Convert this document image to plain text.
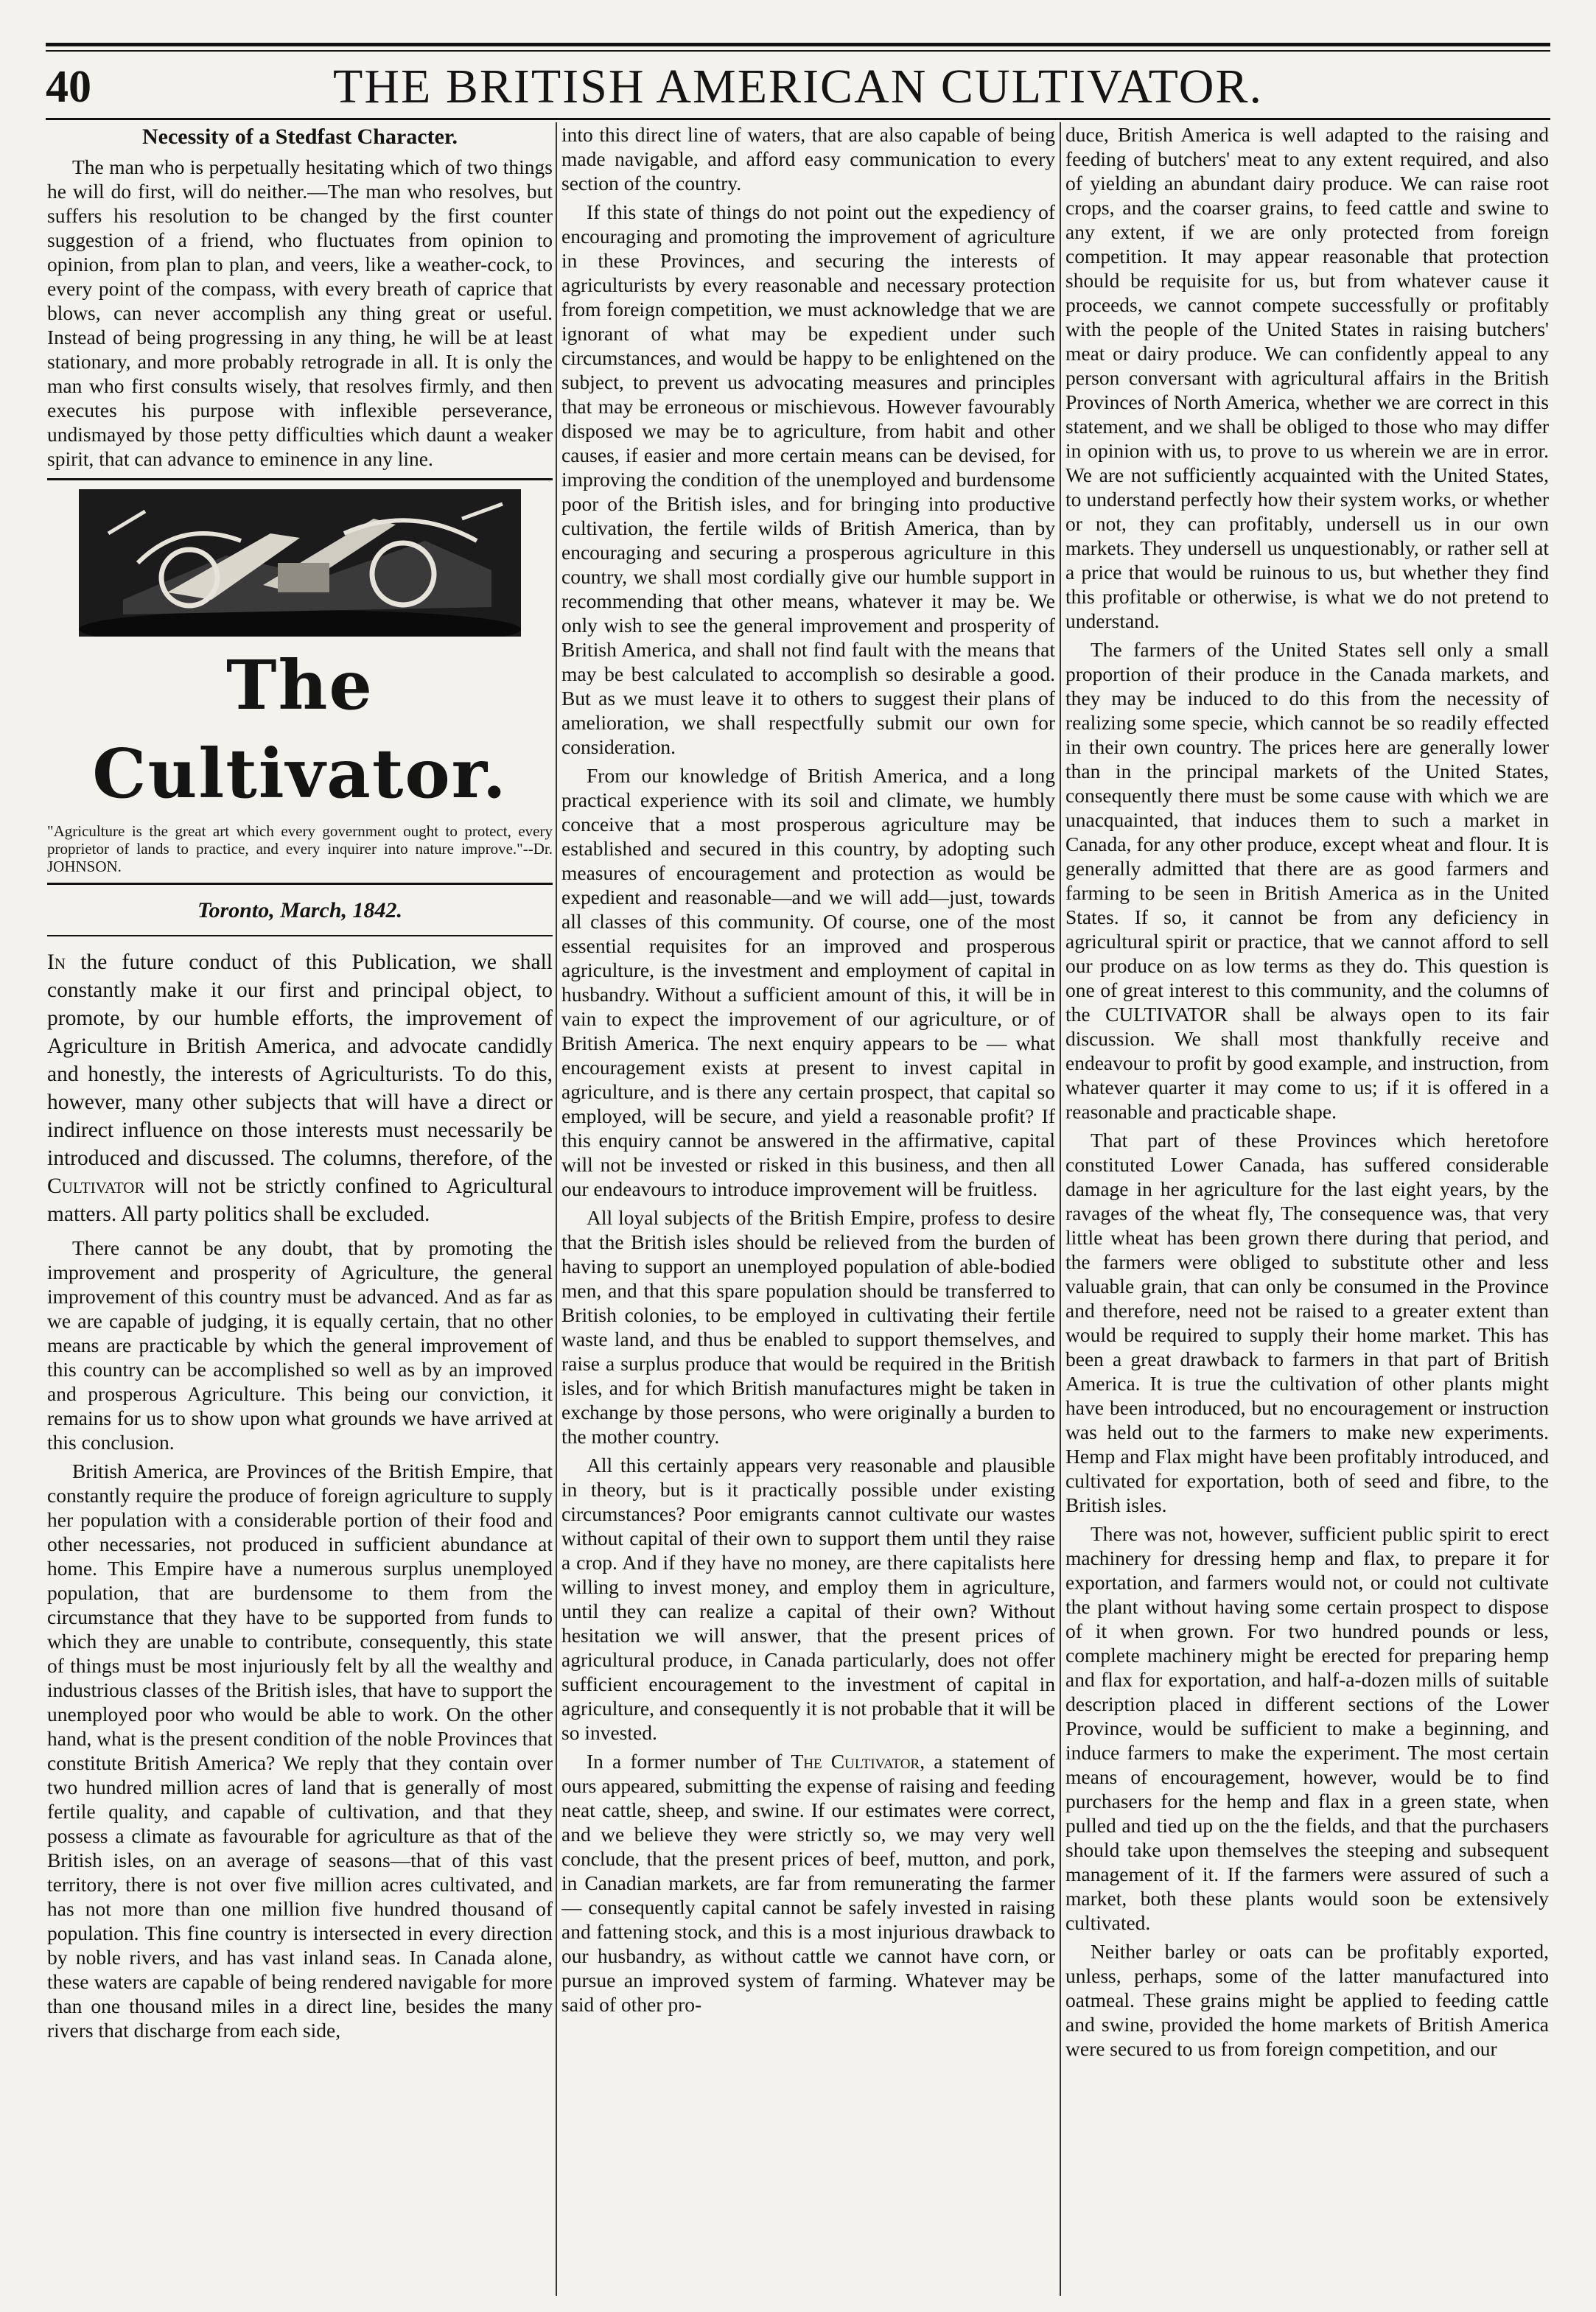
40	THE BRITISH AMERICAN CULTIVATOR.
Necessity of a Stedfast Character.

The man who is perpetually hesitating which of two things he will do first, will do neither.—The man who resolves, but suffers his resolution to be changed by the first counter suggestion of a friend, who fluctuates from opinion to opinion, from plan to plan, and veers, like a weather-cock, to every point of the compass, with every breath of caprice that blows, can never accomplish any thing great or useful. Instead of being progressing in any thing, he will be at least stationary, and more probably retrograde in all. It is only the man who first consults wisely, that resolves firmly, and then executes his purpose with inflexible perseverance, undismayed by those petty difficulties which daunt a weaker spirit, that can advance to eminence in any line.

The Cultivator.

"Agriculture is the great art which every government ought to protect, every proprietor of lands to practice, and every inquirer into nature improve."--Dr. JOHNSON.

Toronto, March, 1842.

In the future conduct of this Publication, we shall constantly make it our first and principal object, to promote, by our humble efforts, the improvement of Agriculture in British America, and advocate candidly and honestly, the interests of Agriculturists. To do this, however, many other subjects that will have a direct or indirect influence on those interests must necessarily be introduced and discussed. The columns, therefore, of the Cultivator will not be strictly confined to Agricultural matters. All party politics shall be excluded.

There cannot be any doubt, that by promoting the improvement and prosperity of Agriculture, the general improvement of this country must be advanced. And as far as we are capable of judging, it is equally certain, that no other means are practicable by which the general improvement of this country can be accomplished so well as by an improved and prosperous Agriculture. This being our conviction, it remains for us to show upon what grounds we have arrived at this conclusion.

British America, are Provinces of the British Empire, that constantly require the produce of foreign agriculture to supply her population with a considerable portion of their food and other necessaries, not produced in sufficient abundance at home. This Empire have a numerous surplus unemployed population, that are burdensome to them from the circumstance that they have to be supported from funds to which they are unable to contribute, consequently, this state of things must be most injuriously felt by all the wealthy and industrious classes of the British isles, that have to support the unemployed poor who would be able to work. On the other hand, what is the present condition of the noble Provinces that constitute British America? We reply that they contain over two hundred million acres of land that is generally of most fertile quality, and capable of cultivation, and that they possess a climate as favourable for agriculture as that of the British isles, on an average of seasons—that of this vast territory, there is not over five million acres cultivated, and has not more than one million five hundred thousand of population. This fine country is intersected in every direction by noble rivers, and has vast inland seas. In Canada alone, these waters are capable of being rendered navigable for more than one thousand miles in a direct line, besides the many rivers that discharge from each side,

into this direct line of waters, that are also capable of being made navigable, and afford easy communication to every section of the country.

If this state of things do not point out the expediency of encouraging and promoting the improvement of agriculture in these Provinces, and securing the interests of agriculturists by every reasonable and necessary protection from foreign competition, we must acknowledge that we are ignorant of what may be expedient under such circumstances, and would be happy to be enlightened on the subject, to prevent us advocating measures and principles that may be erroneous or mischievous. However favourably disposed we may be to agriculture, from habit and other causes, if easier and more certain means can be devised, for improving the condition of the unemployed and burdensome poor of the British isles, and for bringing into productive cultivation, the fertile wilds of British America, than by encouraging and securing a prosperous agriculture in this country, we shall most cordially give our humble support in recommending that other means, whatever it may be. We only wish to see the general improvement and prosperity of British America, and shall not find fault with the means that may be best calculated to accomplish so desirable a good. But as we must leave it to others to suggest their plans of amelioration, we shall respectfully submit our own for consideration.

From our knowledge of British America, and a long practical experience with its soil and climate, we humbly conceive that a most prosperous agriculture may be established and secured in this country, by adopting such measures of encouragement and protection as would be expedient and reasonable—and we will add—just, towards all classes of this community. Of course, one of the most essential requisites for an improved and prosperous agriculture, is the investment and employment of capital in husbandry. Without a sufficient amount of this, it will be in vain to expect the improvement of our agriculture, or of British America. The next enquiry appears to be — what encouragement exists at present to invest capital in agriculture, and is there any certain prospect, that capital so employed, will be secure, and yield a reasonable profit? If this enquiry cannot be answered in the affirmative, capital will not be invested or risked in this business, and then all our endeavours to introduce improvement will be fruitless.

All loyal subjects of the British Empire, profess to desire that the British isles should be relieved from the burden of having to support an unemployed population of able-bodied men, and that this spare population should be transferred to British colonies, to be employed in cultivating their fertile waste land, and thus be enabled to support themselves, and raise a surplus produce that would be required in the British isles, and for which British manufactures might be taken in exchange by those persons, who were originally a burden to the mother country.

All this certainly appears very reasonable and plausible in theory, but is it practically possible under existing circumstances? Poor emigrants cannot cultivate our wastes without capital of their own to support them until they raise a crop. And if they have no money, are there capitalists here willing to invest money, and employ them in agriculture, until they can realize a capital of their own? Without hesitation we will answer, that the present prices of agricultural produce, in Canada particularly, does not offer sufficient encouragement to the investment of capital in agriculture, and consequently it is not probable that it will be so invested.

In a former number of The Cultivator, a statement of ours appeared, submitting the expense of raising and feeding neat cattle, sheep, and swine. If our estimates were correct, and we believe they were strictly so, we may very well conclude, that the present prices of beef, mutton, and pork, in Canadian markets, are far from remunerating the farmer — consequently capital cannot be safely invested in raising and fattening stock, and this is a most injurious drawback to our husbandry, as without cattle we cannot have corn, or pursue an improved system of farming. Whatever may be said of other pro-

duce, British America is well adapted to the raising and feeding of butchers' meat to any extent required, and also of yielding an abundant dairy produce. We can raise root crops, and the coarser grains, to feed cattle and swine to any extent, if we are only protected from foreign competition. It may appear reasonable that protection should be requisite for us, but from whatever cause it proceeds, we cannot compete successfully or profitably with the people of the United States in raising butchers' meat or dairy produce. We can confidently appeal to any person conversant with agricultural affairs in the British Provinces of North America, whether we are correct in this statement, and we shall be obliged to those who may differ in opinion with us, to prove to us wherein we are in error. We are not sufficiently acquainted with the United States, to understand perfectly how their system works, or whether or not, they can profitably, undersell us in our own markets. They undersell us unquestionably, or rather sell at a price that would be ruinous to us, but whether they find this profitable or otherwise, is what we do not pretend to understand.

The farmers of the United States sell only a small proportion of their produce in the Canada markets, and they may be induced to do this from the necessity of realizing some specie, which cannot be so readily effected in their own country. The prices here are generally lower than in the principal markets of the United States, consequently there must be some cause with which we are unacquainted, that induces them to such a market in Canada, for any other produce, except wheat and flour. It is generally admitted that there are as good farmers and farming to be seen in British America as in the United States. If so, it cannot be from any deficiency in agricultural spirit or practice, that we cannot afford to sell our produce on as low terms as they do. This question is one of great interest to this community, and the columns of the CULTIVATOR shall be always open to its fair discussion. We shall most thankfully receive and endeavour to profit by good example, and instruction, from whatever quarter it may come to us; if it is offered in a reasonable and practicable shape.

That part of these Provinces which heretofore constituted Lower Canada, has suffered considerable damage in her agriculture for the last eight years, by the ravages of the wheat fly, The consequence was, that very little wheat has been grown there during that period, and the farmers were obliged to substitute other and less valuable grain, that can only be consumed in the Province and therefore, need not be raised to a greater extent than would be required to supply their home market. This has been a great drawback to farmers in that part of British America. It is true the cultivation of other plants might have been introduced, but no encouragement or instruction was held out to the farmers to make new experiments. Hemp and Flax might have been profitably introduced, and cultivated for exportation, both of seed and fibre, to the British isles.

There was not, however, sufficient public spirit to erect machinery for dressing hemp and flax, to prepare it for exportation, and farmers would not, or could not cultivate the plant without having some certain prospect to dispose of it when grown. For two hundred pounds or less, complete machinery might be erected for preparing hemp and flax for exportation, and half-a-dozen mills of suitable description placed in different sections of the Lower Province, would be sufficient to make a beginning, and induce farmers to make the experiment. The most certain means of encouragement, however, would be to find purchasers for the hemp and flax in a green state, when pulled and tied up on the the fields, and that the purchasers should take upon themselves the steeping and subsequent management of it. If the farmers were assured of such a market, both these plants would soon be extensively cultivated.

Neither barley or oats can be profitably exported, unless, perhaps, some of the latter manufactured into oatmeal. These grains might be applied to feeding cattle and swine, provided the home markets of British America were secured to us from foreign competition, and our
